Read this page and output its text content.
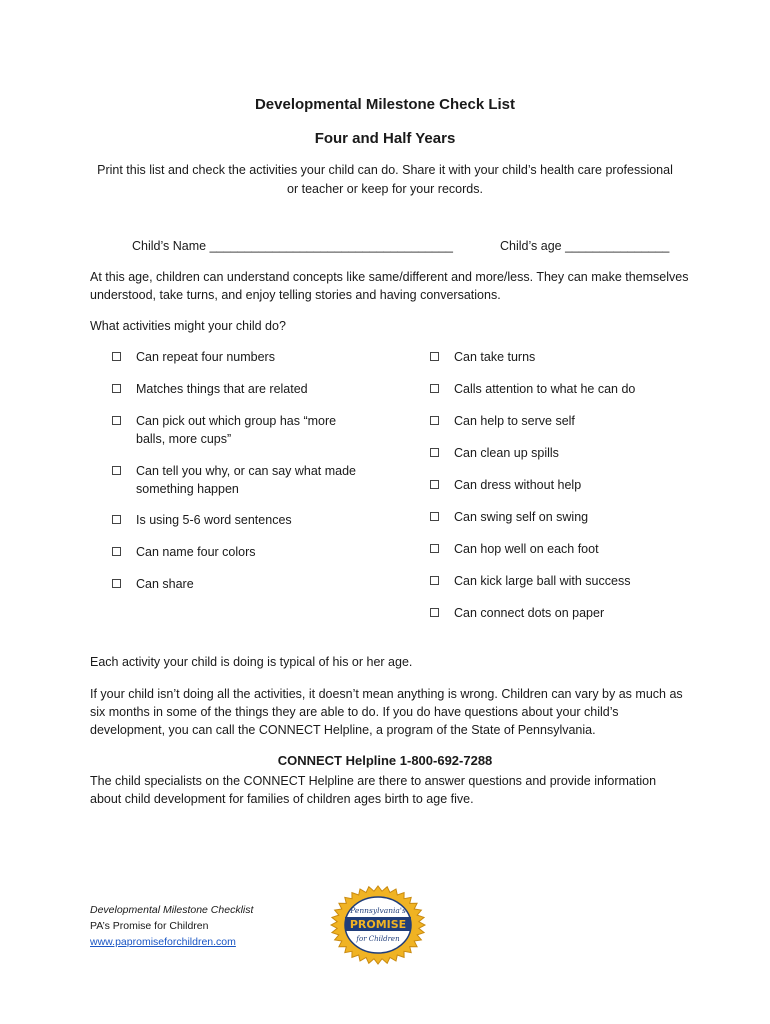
Developmental Milestone Check List
Four and Half Years
Print this list and check the activities your child can do. Share it with your child’s health care professional
or teacher or keep for your records.
Child’s Name ___________________________________	Child’s age _______________
At this age, children can understand concepts like same/different and more/less. They can make themselves understood, take turns, and enjoy telling stories and having conversations.
What activities might your child do?
Can repeat four numbers
Matches things that are related
Can pick out which group has “more balls, more cups”
Can tell you why, or can say what made something happen
Is using 5-6 word sentences
Can name four colors
Can share
Can take turns
Calls attention to what he can do
Can help to serve self
Can clean up spills
Can dress without help
Can swing self on swing
Can hop well on each foot
Can kick large ball with success
Can connect dots on paper
Each activity your child is doing is typical of his or her age.
If your child isn’t doing all the activities, it doesn’t mean anything is wrong. Children can vary by as much as six months in some of the things they are able to do. If you do have questions about your child’s development, you can call the CONNECT Helpline, a program of the State of Pennsylvania.
CONNECT Helpline 1-800-692-7288
The child specialists on the CONNECT Helpline are there to answer questions and provide information about child development for families of children ages birth to age five.
Developmental Milestone Checklist
PA’s Promise for Children
www.papromiseforchildren.com
Pennsylvania's
PROMISE
for Children
